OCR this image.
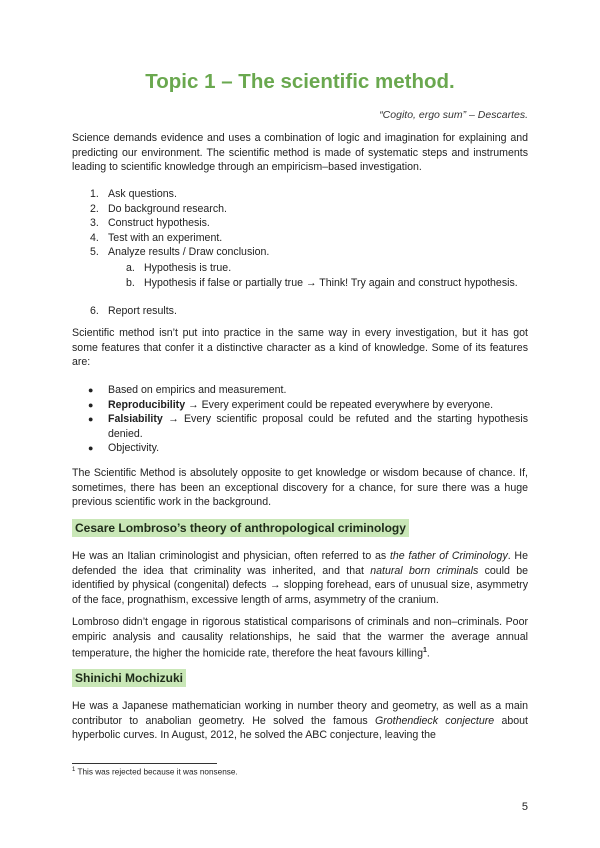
Topic 1 – The scientific method.
“Cogito, ergo sum” – Descartes.

Science demands evidence and uses a combination of logic and imagination for explaining and predicting our environment. The scientific method is made of systematic steps and instruments leading to scientific knowledge through an empiricism–based investigation.

1. Ask questions.
2. Do background research.
3. Construct hypothesis.
4. Test with an experiment.
5. Analyze results / Draw conclusion.
a. Hypothesis is true.
b. Hypothesis if false or partially true → Think! Try again and construct hypothesis.
6. Report results.

Scientific method isn’t put into practice in the same way in every investigation, but it has got some features that confer it a distinctive character as a kind of knowledge. Some of its features are:

● Based on empirics and measurement.
● Reproducibility → Every experiment could be repeated everywhere by everyone.
● Falsiability → Every scientific proposal could be refuted and the starting hypothesis denied.
● Objectivity.

The Scientific Method is absolutely opposite to get knowledge or wisdom because of chance. If, sometimes, there has been an exceptional discovery for a chance, for sure there was a huge previous scientific work in the background.

Cesare Lombroso’s theory of anthropological criminology

He was an Italian criminologist and physician, often referred to as the father of Criminology. He defended the idea that criminality was inherited, and that natural born criminals could be identified by physical (congenital) defects → slopping forehead, ears of unusual size, asymmetry of the face, prognathism, excessive length of arms, asymmetry of the cranium.

Lombroso didn’t engage in rigorous statistical comparisons of criminals and non–criminals. Poor empiric analysis and causality relationships, he said that the warmer the average annual temperature, the higher the homicide rate, therefore the heat favours killing$^1$.

Shinichi Mochizuki

He was a Japanese mathematician working in number theory and geometry, as well as a main contributor to anabolian geometry. He solved the famous Grothendieck conjecture about hyperbolic curves. In August, 2012, he solved the ABC conjecture, leaving the

$^1$ This was rejected because it was nonsense.
5
